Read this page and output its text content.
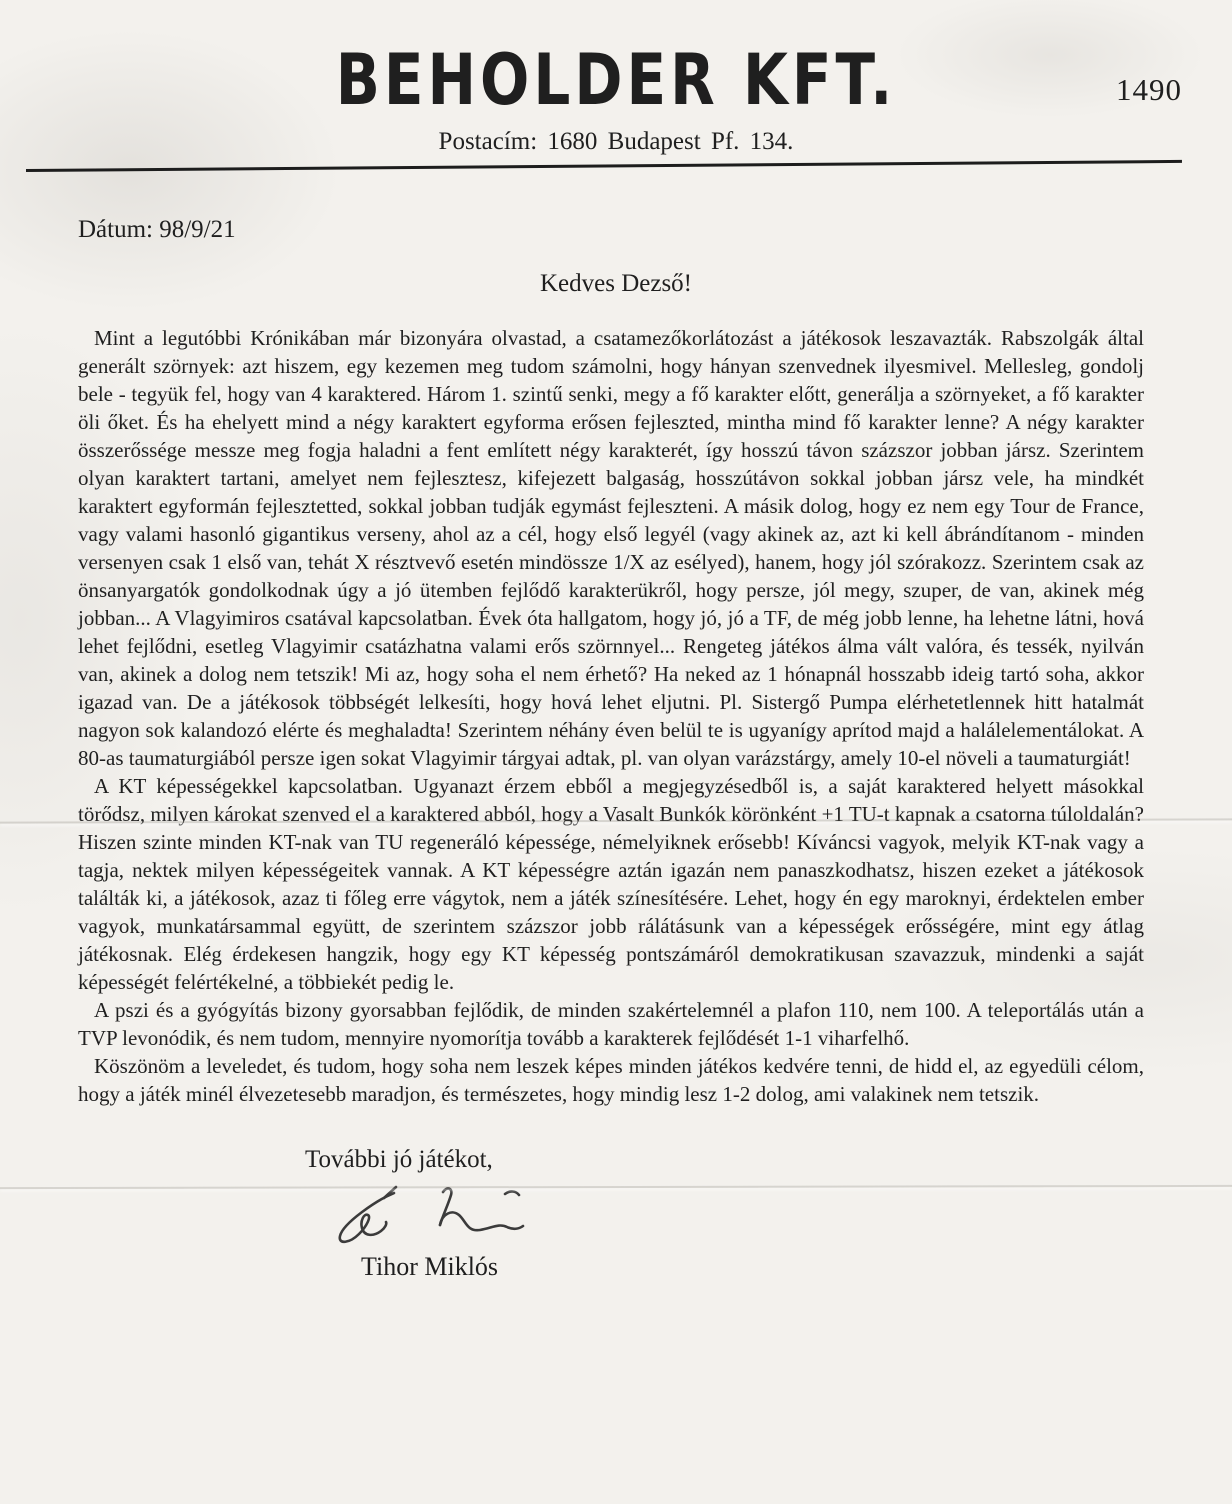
1490
BEHOLDER KFT.
Postacím: 1680 Budapest Pf. 134.
Dátum: 98/9/21
Kedves Dezső!

Mint a legutóbbi Krónikában már bizonyára olvastad, a csatamezőkorlátozást a játékosok leszavazták. Rabszolgák által generált szörnyek: azt hiszem, egy kezemen meg tudom számolni, hogy hányan szenvednek ilyesmivel. Mellesleg, gondolj bele - tegyük fel, hogy van 4 karaktered. Három 1. szintű senki, megy a fő karakter előtt, generálja a szörnyeket, a fő karakter öli őket. És ha ehelyett mind a négy karaktert egyforma erősen fejleszted, mintha mind fő karakter lenne? A négy karakter összerőssége messze meg fogja haladni a fent említett négy karakterét, így hosszú távon százszor jobban jársz. Szerintem olyan karaktert tartani, amelyet nem fejlesztesz, kifejezett balgaság, hosszútávon sokkal jobban jársz vele, ha mindkét karaktert egyformán fejlesztetted, sokkal jobban tudják egymást fejleszteni. A másik dolog, hogy ez nem egy Tour de France, vagy valami hasonló gigantikus verseny, ahol az a cél, hogy első legyél (vagy akinek az, azt ki kell ábrándítanom - minden versenyen csak 1 első van, tehát X résztvevő esetén mindössze 1/X az esélyed), hanem, hogy jól szórakozz. Szerintem csak az önsanyargatók gondolkodnak úgy a jó ütemben fejlődő karakterükről, hogy persze, jól megy, szuper, de van, akinek még jobban... A Vlagyimiros csatával kapcsolatban. Évek óta hallgatom, hogy jó, jó a TF, de még jobb lenne, ha lehetne látni, hová lehet fejlődni, esetleg Vlagyimir csatázhatna valami erős szörnnyel... Rengeteg játékos álma vált valóra, és tessék, nyilván van, akinek a dolog nem tetszik! Mi az, hogy soha el nem érhető? Ha neked az 1 hónapnál hosszabb ideig tartó soha, akkor igazad van. De a játékosok többségét lelkesíti, hogy hová lehet eljutni. Pl. Sistergő Pumpa elérhetetlennek hitt hatalmát nagyon sok kalandozó elérte és meghaladta! Szerintem néhány éven belül te is ugyanígy aprítod majd a halálelementálokat. A 80-as taumaturgiából persze igen sokat Vlagyimir tárgyai adtak, pl. van olyan varázstárgy, amely 10-el növeli a taumaturgiát!

A KT képességekkel kapcsolatban. Ugyanazt érzem ebből a megjegyzésedből is, a saját karaktered helyett másokkal törődsz, milyen károkat szenved el a karaktered abból, hogy a Vasalt Bunkók körönként +1 TU-t kapnak a csatorna túloldalán? Hiszen szinte minden KT-nak van TU regeneráló képessége, némelyiknek erősebb! Kíváncsi vagyok, melyik KT-nak vagy a tagja, nektek milyen képességeitek vannak. A KT képességre aztán igazán nem panaszkodhatsz, hiszen ezeket a játékosok találták ki, a játékosok, azaz ti főleg erre vágytok, nem a játék színesítésére. Lehet, hogy én egy maroknyi, érdektelen ember vagyok, munkatársammal együtt, de szerintem százszor jobb rálátásunk van a képességek erősségére, mint egy átlag játékosnak. Elég érdekesen hangzik, hogy egy KT képesség pontszámáról demokratikusan szavazzuk, mindenki a saját képességét felértékelné, a többiekét pedig le.

A pszi és a gyógyítás bizony gyorsabban fejlődik, de minden szakértelemnél a plafon 110, nem 100. A teleportálás után a TVP levonódik, és nem tudom, mennyire nyomorítja tovább a karakterek fejlődését 1-1 viharfelhő.

Köszönöm a leveledet, és tudom, hogy soha nem leszek képes minden játékos kedvére tenni, de hidd el, az egyedüli célom, hogy a játék minél élvezetesebb maradjon, és természetes, hogy mindig lesz 1-2 dolog, ami valakinek nem tetszik.

További jó játékot,
Tihor Miklós
